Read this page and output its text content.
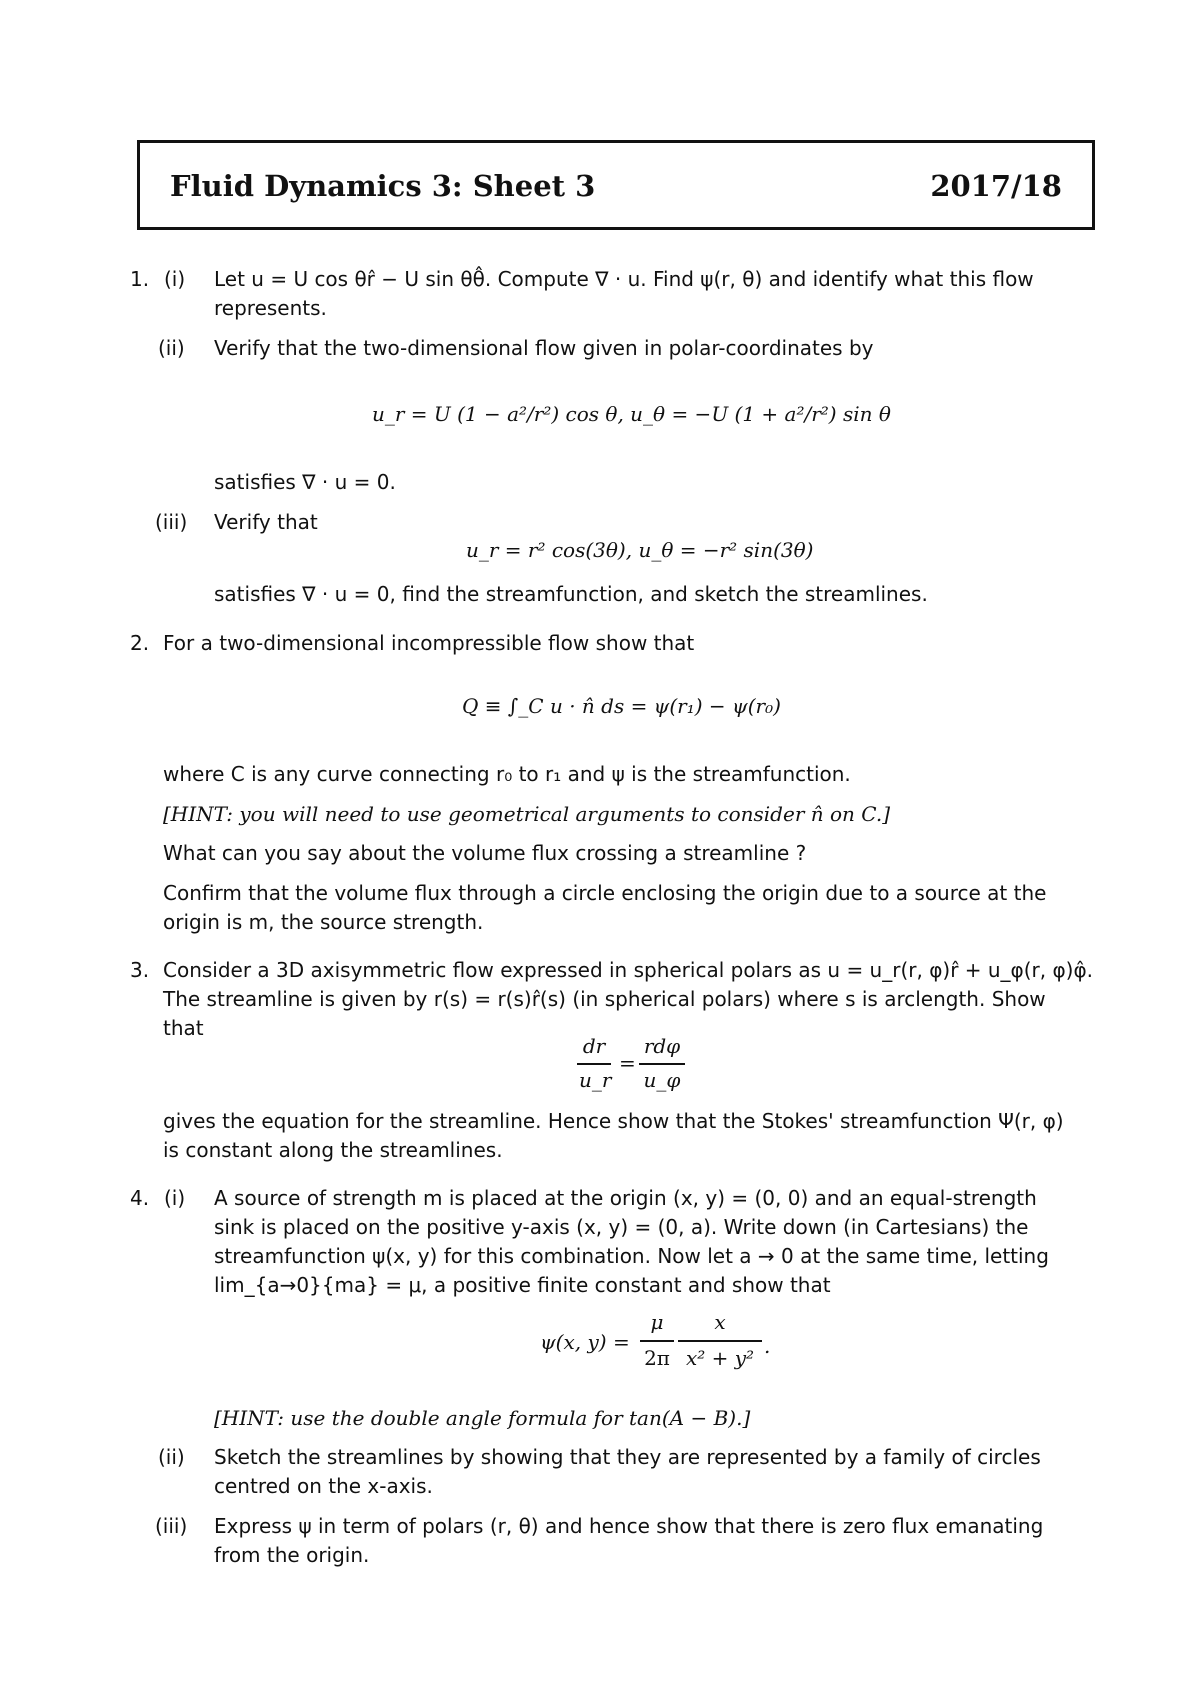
Fluid Dynamics 3: Sheet 3	2017/18
1. (i) Let u = U cos θr̂ − U sin θθ̂. Compute ∇ · u. Find ψ(r, θ) and identify what this flow
represents.
(ii) Verify that the two-dimensional flow given in polar-coordinates by
u_r = U (1 − a²/r²) cos θ, u_θ = −U (1 + a²/r²) sin θ
satisfies ∇ · u = 0.
(iii) Verify that
u_r = r² cos(3θ), u_θ = −r² sin(3θ)
satisfies ∇ · u = 0, find the streamfunction, and sketch the streamlines.
2. For a two-dimensional incompressible flow show that
Q ≡ ∫_C u · n̂ ds = ψ(r₁) − ψ(r₀)
where C is any curve connecting r₀ to r₁ and ψ is the streamfunction.
[HINT: you will need to use geometrical arguments to consider n̂ on C.]
What can you say about the volume flux crossing a streamline ?
Confirm that the volume flux through a circle enclosing the origin due to a source at the
origin is m, the source strength.
3. Consider a 3D axisymmetric flow expressed in spherical polars as u = u_r(r, φ)r̂ + u_φ(r, φ)φ̂.
The streamline is given by r(s) = r(s)r̂(s) (in spherical polars) where s is arclength. Show
that
dr
u_r
=
rdφ
u_φ
gives the equation for the streamline. Hence show that the Stokes' streamfunction Ψ(r, φ)
is constant along the streamlines.
4. (i) A source of strength m is placed at the origin (x, y) = (0, 0) and an equal-strength
sink is placed on the positive y-axis (x, y) = (0, a). Write down (in Cartesians) the
streamfunction ψ(x, y) for this combination. Now let a → 0 at the same time, letting
lim_{a→0}{ma} = μ, a positive finite constant and show that
ψ(x, y) =
μ
2π
x
x² + y² .
[HINT: use the double angle formula for tan(A − B).]
(ii) Sketch the streamlines by showing that they are represented by a family of circles
centred on the x-axis.
(iii) Express ψ in term of polars (r, θ) and hence show that there is zero flux emanating
from the origin.
